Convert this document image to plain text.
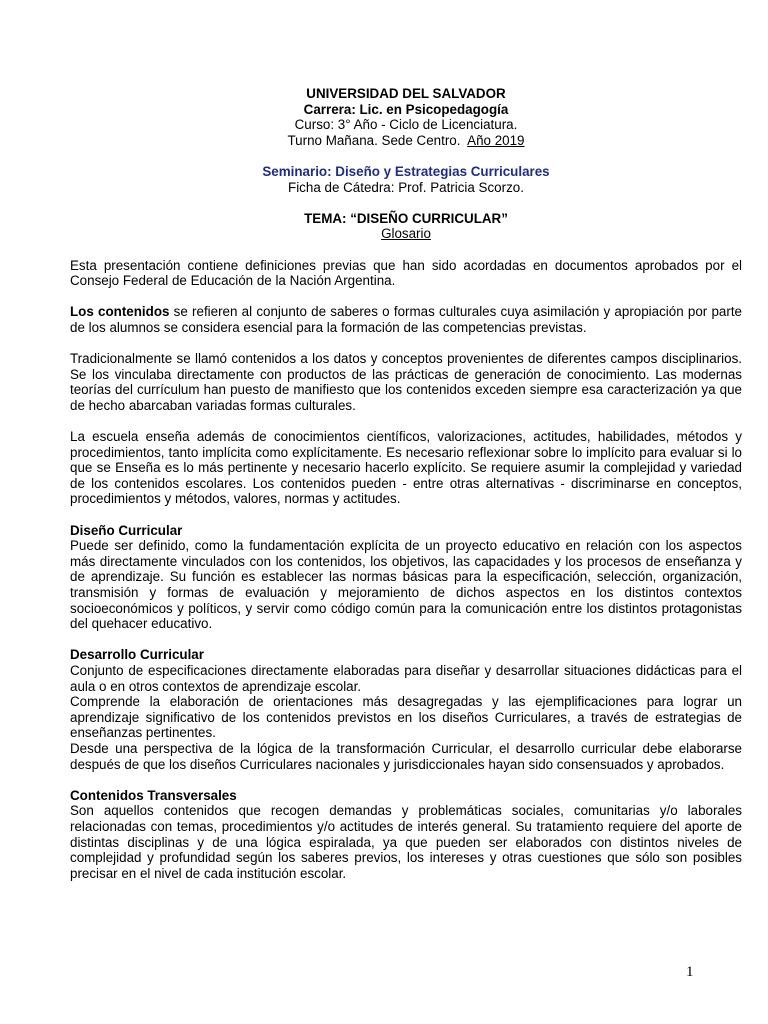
UNIVERSIDAD DEL SALVADOR
Carrera: Lic. en Psicopedagogía
Curso: 3° Año - Ciclo de Licenciatura.
Turno Mañana. Sede Centro. Año 2019
Seminario: Diseño y Estrategias Curriculares
Ficha de Cátedra: Prof. Patricia Scorzo.
TEMA: “DISEÑO CURRICULAR”
Glosario

Esta presentación contiene definiciones previas que han sido acordadas en documentos aprobados por el Consejo Federal de Educación de la Nación Argentina.

Los contenidos se refieren al conjunto de saberes o formas culturales cuya asimilación y apropiación por parte de los alumnos se considera esencial para la formación de las competencias previstas.

Tradicionalmente se llamó contenidos a los datos y conceptos provenientes de diferentes campos disciplinarios. Se los vinculaba directamente con productos de las prácticas de generación de conocimiento. Las modernas teorías del currículum han puesto de manifiesto que los contenidos exceden siempre esa caracterización ya que de hecho abarcaban variadas formas culturales.

La escuela enseña además de conocimientos científicos, valorizaciones, actitudes, habilidades, métodos y procedimientos, tanto implícita como explícitamente. Es necesario reflexionar sobre lo implícito para evaluar si lo que se Enseña es lo más pertinente y necesario hacerlo explícito. Se requiere asumir la complejidad y variedad de los contenidos escolares. Los contenidos pueden - entre otras alternativas - discriminarse en conceptos, procedimientos y métodos, valores, normas y actitudes.

Diseño Curricular

Puede ser definido, como la fundamentación explícita de un proyecto educativo en relación con los aspectos más directamente vinculados con los contenidos, los objetivos, las capacidades y los procesos de enseñanza y de aprendizaje. Su función es establecer las normas básicas para la especificación, selección, organización, transmisión y formas de evaluación y mejoramiento de dichos aspectos en los distintos contextos socioeconómicos y políticos, y servir como código común para la comunicación entre los distintos protagonistas del quehacer educativo.

Desarrollo Curricular

Conjunto de especificaciones directamente elaboradas para diseñar y desarrollar situaciones didácticas para el aula o en otros contextos de aprendizaje escolar.

Comprende la elaboración de orientaciones más desagregadas y las ejemplificaciones para lograr un aprendizaje significativo de los contenidos previstos en los diseños Curriculares, a través de estrategias de enseñanzas pertinentes.

Desde una perspectiva de la lógica de la transformación Curricular, el desarrollo curricular debe elaborarse después de que los diseños Curriculares nacionales y jurisdiccionales hayan sido consensuados y aprobados.

Contenidos Transversales

Son aquellos contenidos que recogen demandas y problemáticas sociales, comunitarias y/o laborales relacionadas con temas, procedimientos y/o actitudes de interés general. Su tratamiento requiere del aporte de distintas disciplinas y de una lógica espiralada, ya que pueden ser elaborados con distintos niveles de complejidad y profundidad según los saberes previos, los intereses y otras cuestiones que sólo son posibles precisar en el nivel de cada institución escolar.

1
